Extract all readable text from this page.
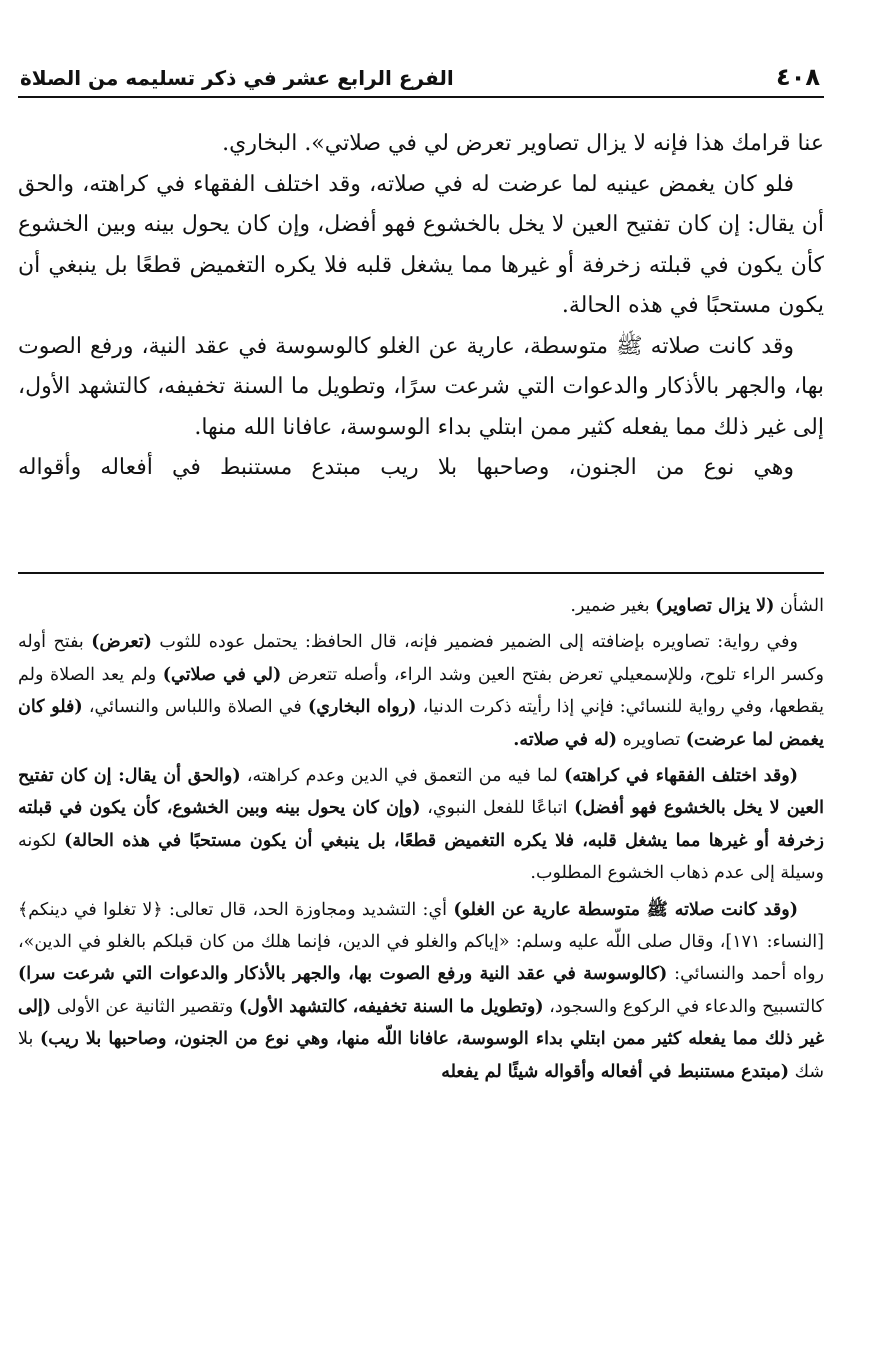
٤٠٨
الفرع الرابع عشر في ذكر تسليمه من الصلاة

عنا قرامك هذا فإنه لا يزال تصاوير تعرض لي في صلاتي». البخاري.

فلو كان يغمض عينيه لما عرضت له في صلاته، وقد اختلف الفقهاء في كراهته، والحق أن يقال: إن كان تفتيح العين لا يخل بالخشوع فهو أفضل، وإن كان يحول بينه وبين الخشوع كأن يكون في قبلته زخرفة أو غيرها مما يشغل قلبه فلا يكره التغميض قطعًا بل ينبغي أن يكون مستحبًا في هذه الحالة.

وقد كانت صلاته ﷺ متوسطة، عارية عن الغلو كالوسوسة في عقد النية، ورفع الصوت بها، والجهر بالأذكار والدعوات التي شرعت سرًا، وتطويل ما السنة تخفيفه، كالتشهد الأول، إلى غير ذلك مما يفعله كثير ممن ابتلي بداء الوسوسة، عافانا الله منها.

وهي نوع من الجنون، وصاحبها بلا ريب مبتدع مستنبط في أفعاله وأقواله

الشأن (لا يزال تصاوير) بغير ضمير.

وفي رواية: تصاويره بإضافته إلى الضمير فضمير فإنه، قال الحافظ: يحتمل عوده للثوب (تعرض) بفتح أوله وكسر الراء تلوح، وللإسمعيلي تعرض بفتح العين وشد الراء، وأصله تتعرض (لي في صلاتي) ولم يعد الصلاة ولم يقطعها، وفي رواية للنسائي: فإني إذا رأيته ذكرت الدنيا، (رواه البخاري) في الصلاة واللباس والنسائي، (فلو كان يغمض لما عرضت) تصاويره (له في صلاته.

(وقد اختلف الفقهاء في كراهته) لما فيه من التعمق في الدين وعدم كراهته، (والحق أن يقال: إن كان تفتيح العين لا يخل بالخشوع فهو أفضل) اتباعًا للفعل النبوي، (وإن كان يحول بينه وبين الخشوع، كأن يكون في قبلته زخرفة أو غيرها مما يشغل قلبه، فلا يكره التغميض قطعًا، بل ينبغي أن يكون مستحبًا في هذه الحالة) لكونه وسيلة إلى عدم ذهاب الخشوع المطلوب.

(وقد كانت صلاته ﷺ متوسطة عارية عن الغلو) أي: التشديد ومجاوزة الحد، قال تعالى: ﴿لا تغلوا في دينكم﴾ [النساء: ١٧١]، وقال صلى اللّه عليه وسلم: «إياكم والغلو في الدين، فإنما هلك من كان قبلكم بالغلو في الدين»، رواه أحمد والنسائي: (كالوسوسة في عقد النية ورفع الصوت بها، والجهر بالأذكار والدعوات التي شرعت سرا) كالتسبيح والدعاء في الركوع والسجود، (وتطويل ما السنة تخفيفه، كالتشهد الأول) وتقصير الثانية عن الأولى (إلى غير ذلك مما يفعله كثير ممن ابتلي بداء الوسوسة، عافانا اللّه منها، وهي نوع من الجنون، وصاحبها بلا ريب) بلا شك (مبتدع مستنبط في أفعاله وأقواله شيئًا لم يفعله
